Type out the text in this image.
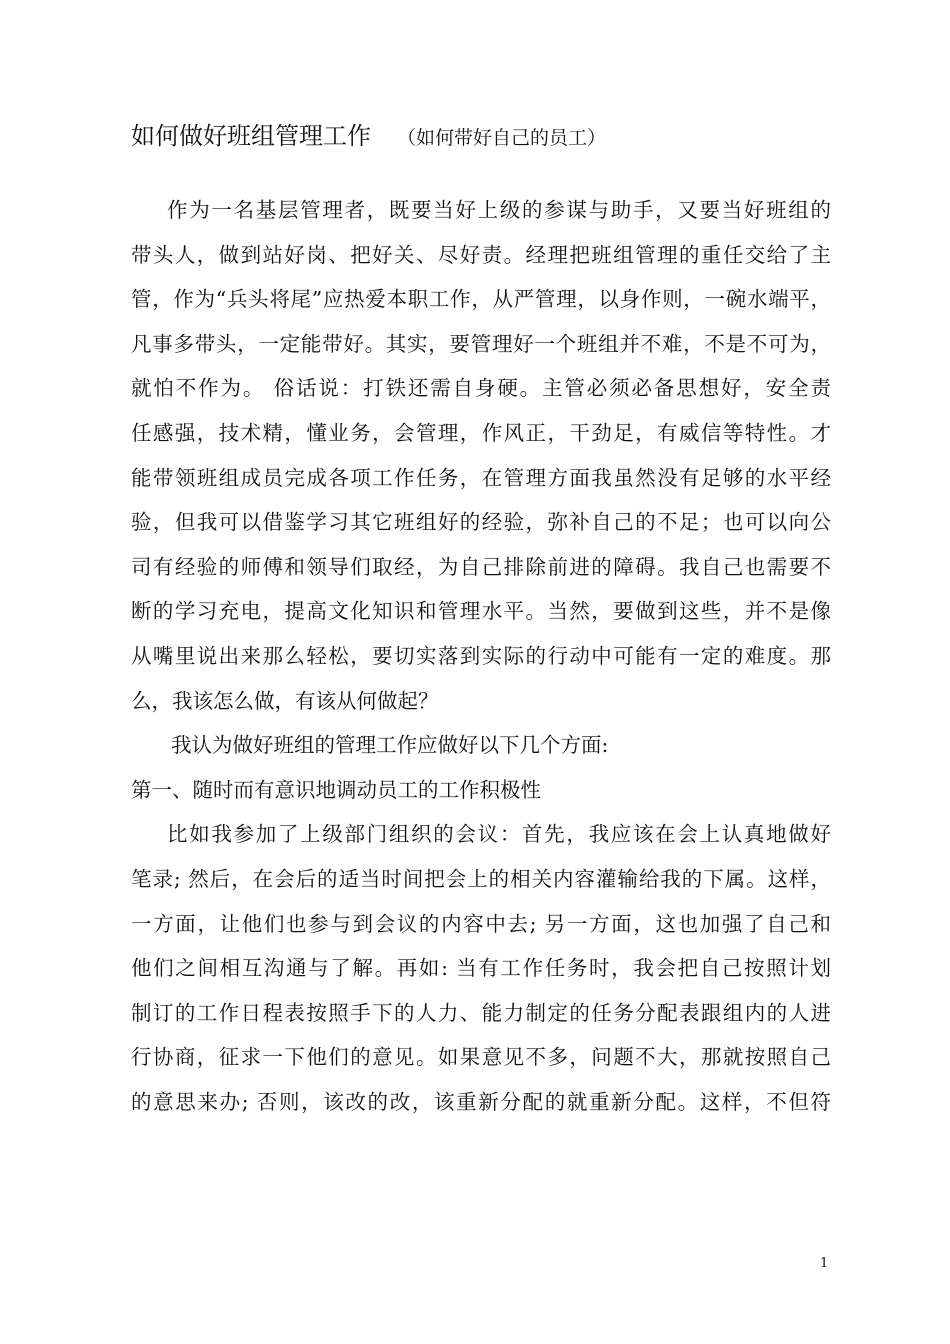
如何做好班组管理工作 （如何带好自己的员工）
作为一名基层管理者，既要当好上级的参谋与助手，又要当好班组的
带头人，做到站好岗、把好关、尽好责。经理把班组管理的重任交给了主
管，作为“兵头将尾”应热爱本职工作，从严管理，以身作则，一碗水端平，
凡事多带头，一定能带好。其实，要管理好一个班组并不难，不是不可为，
就怕不作为。 俗话说：打铁还需自身硬。主管必须必备思想好，安全责
任感强，技术精，懂业务，会管理，作风正，干劲足，有威信等特性。才
能带领班组成员完成各项工作任务，在管理方面我虽然没有足够的水平经
验，但我可以借鉴学习其它班组好的经验，弥补自己的不足；也可以向公
司有经验的师傅和领导们取经，为自己排除前进的障碍。我自己也需要不
断的学习充电，提高文化知识和管理水平。当然，要做到这些，并不是像
从嘴里说出来那么轻松，要切实落到实际的行动中可能有一定的难度。那
么，我该怎么做，有该从何做起？
我认为做好班组的管理工作应做好以下几个方面:
第一、随时而有意识地调动员工的工作积极性
比如我参加了上级部门组织的会议：首先，我应该在会上认真地做好
笔录; 然后，在会后的适当时间把会上的相关内容灌输给我的下属。这样，
一方面，让他们也参与到会议的内容中去; 另一方面，这也加强了自己和
他们之间相互沟通与了解。再如: 当有工作任务时，我会把自己按照计划
制订的工作日程表按照手下的人力、能力制定的任务分配表跟组内的人进
行协商，征求一下他们的意见。如果意见不多，问题不大，那就按照自己
的意思来办; 否则，该改的改，该重新分配的就重新分配。这样，不但符
1
